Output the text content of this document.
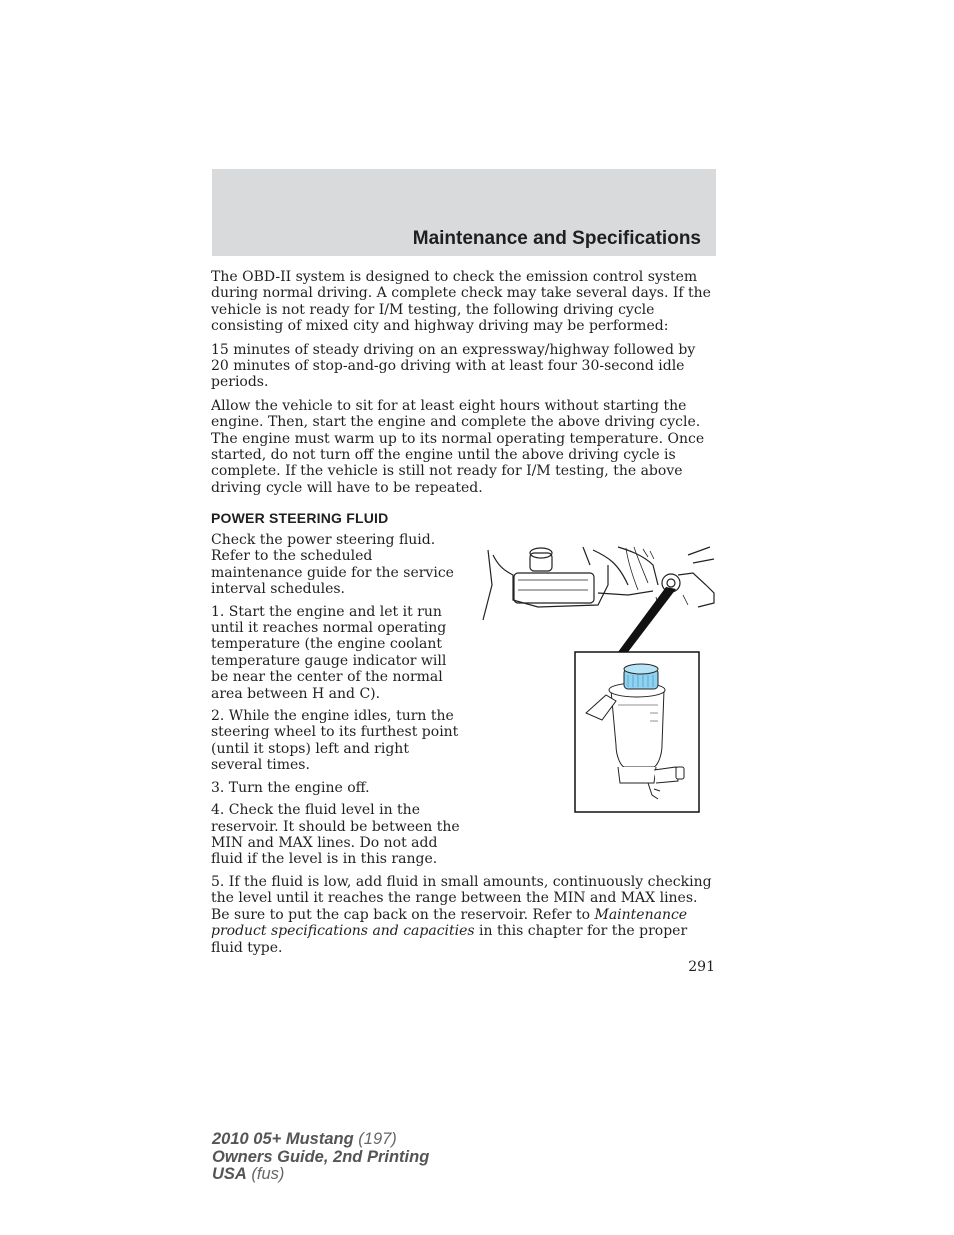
Maintenance and Specifications

The OBD-II system is designed to check the emission control system during normal driving. A complete check may take several days. If the vehicle is not ready for I/M testing, the following driving cycle consisting of mixed city and highway driving may be performed:

15 minutes of steady driving on an expressway/highway followed by 20 minutes of stop-and-go driving with at least four 30-second idle periods.

Allow the vehicle to sit for at least eight hours without starting the engine. Then, start the engine and complete the above driving cycle. The engine must warm up to its normal operating temperature. Once started, do not turn off the engine until the above driving cycle is complete. If the vehicle is still not ready for I/M testing, the above driving cycle will have to be repeated.

POWER STEERING FLUID

Check the power steering fluid. Refer to the scheduled maintenance guide for the service interval schedules.

1. Start the engine and let it run until it reaches normal operating temperature (the engine coolant temperature gauge indicator will be near the center of the normal area between H and C).

2. While the engine idles, turn the steering wheel to its furthest point (until it stops) left and right several times.

3. Turn the engine off.

4. Check the fluid level in the reservoir. It should be between the MIN and MAX lines. Do not add fluid if the level is in this range.

5. If the fluid is low, add fluid in small amounts, continuously checking the level until it reaches the range between the MIN and MAX lines. Be sure to put the cap back on the reservoir. Refer to Maintenance product specifications and capacities in this chapter for the proper fluid type.

291
2010 05+ Mustang (197)
Owners Guide, 2nd Printing
USA (fus)
